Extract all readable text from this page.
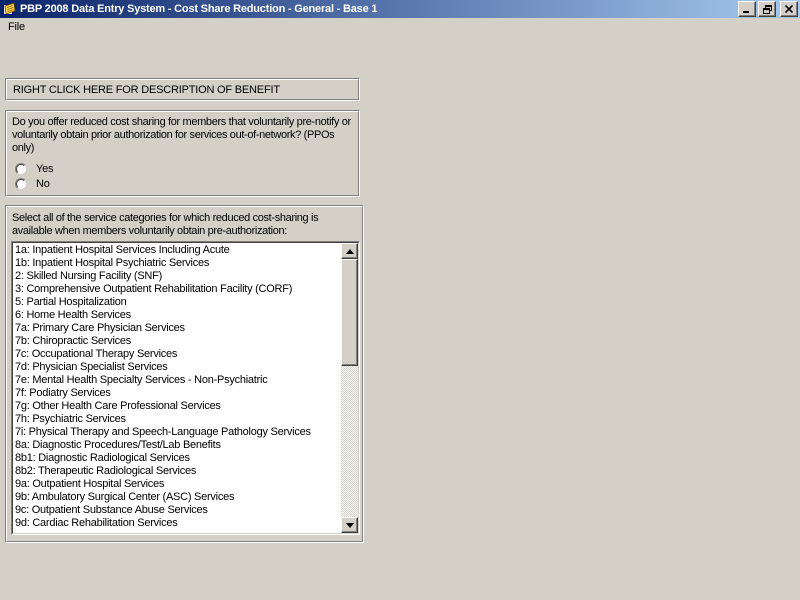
PBP 2008 Data Entry System - Cost Share Reduction - General - Base 1
File
RIGHT CLICK HERE FOR DESCRIPTION OF BENEFIT
Do you offer reduced cost sharing for members that voluntarily pre-notify or voluntarily obtain prior authorization for services out-of-network? (PPOs only)
Yes
No
Select all of the service categories for which reduced cost-sharing is available when members voluntarily obtain pre-authorization:
1a: Inpatient Hospital Services Including Acute
1b: Inpatient Hospital Psychiatric Services
2: Skilled Nursing Facility (SNF)
3: Comprehensive Outpatient Rehabilitation Facility (CORF)
5: Partial Hospitalization
6: Home Health Services
7a: Primary Care Physician Services
7b: Chiropractic Services
7c: Occupational Therapy Services
7d: Physician Specialist Services
7e: Mental Health Specialty Services - Non-Psychiatric
7f: Podiatry Services
7g: Other Health Care Professional Services
7h: Psychiatric Services
7i: Physical Therapy and Speech-Language Pathology Services
8a: Diagnostic Procedures/Test/Lab Benefits
8b1: Diagnostic Radiological Services
8b2: Therapeutic Radiological Services
9a: Outpatient Hospital Services
9b: Ambulatory Surgical Center (ASC) Services
9c: Outpatient Substance Abuse Services
9d: Cardiac Rehabilitation Services
